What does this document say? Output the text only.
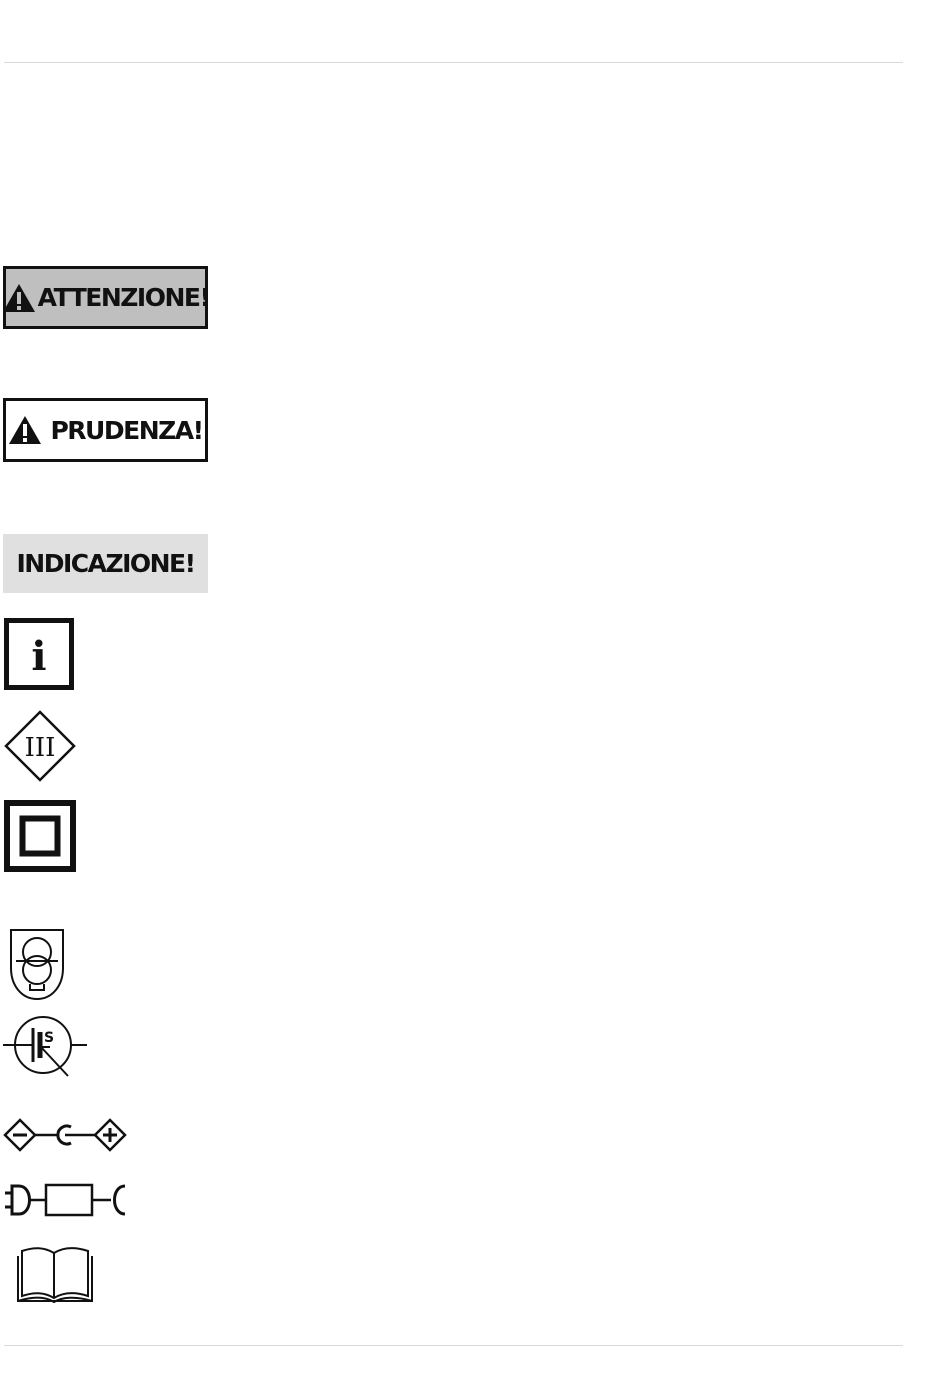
ATTENZIONE!
PRUDENZA!
INDICAZIONE!
i
III
S
